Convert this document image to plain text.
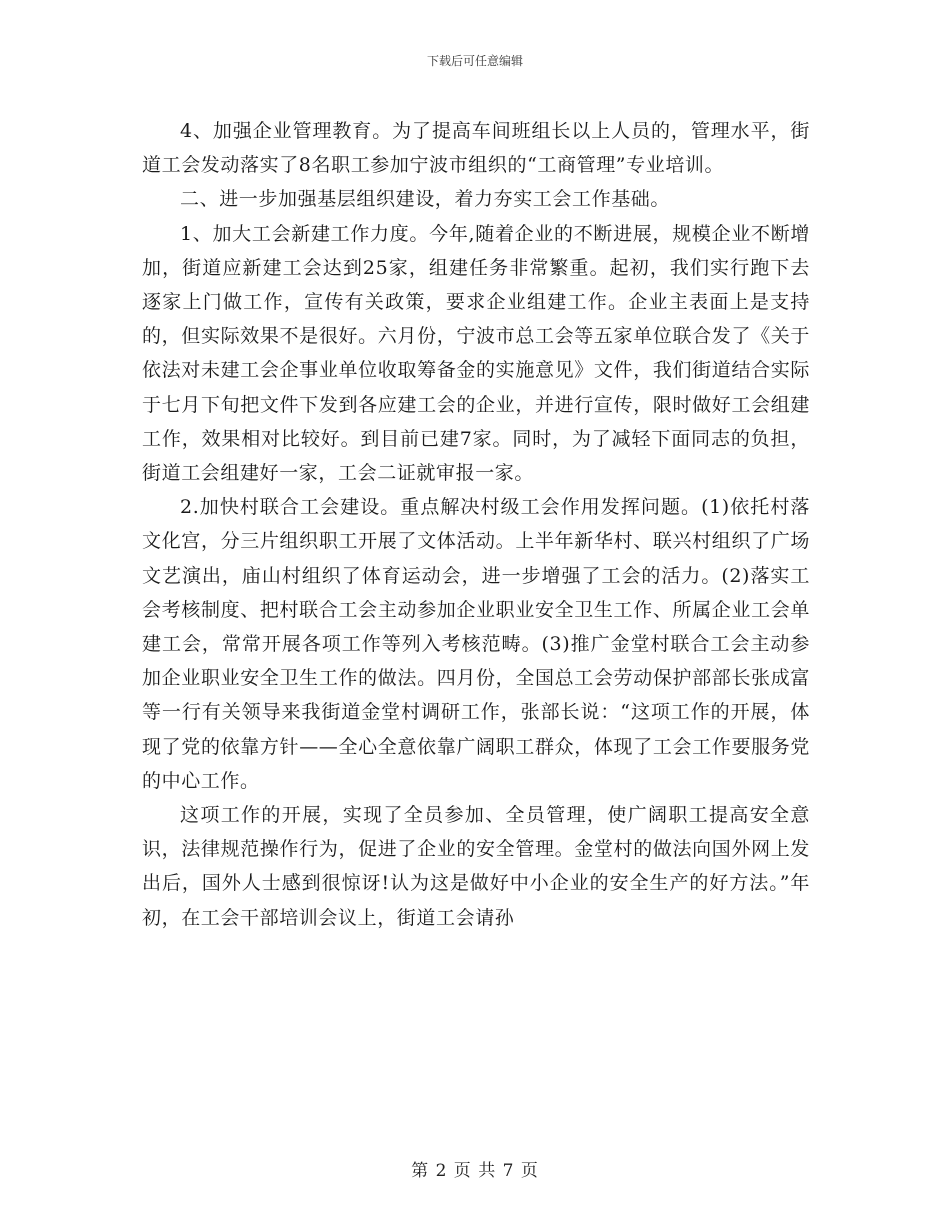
下载后可任意编辑

4、加强企业管理教育。为了提高车间班组长以上人员的，管理水平，街道工会发动落实了8名职工参加宁波市组织的“工商管理”专业培训。

二、进一步加强基层组织建设，着力夯实工会工作基础。

1、加大工会新建工作力度。今年,随着企业的不断进展，规模企业不断增加，街道应新建工会达到25家，组建任务非常繁重。起初，我们实行跑下去逐家上门做工作，宣传有关政策，要求企业组建工作。企业主表面上是支持的，但实际效果不是很好。六月份，宁波市总工会等五家单位联合发了《关于依法对未建工会企事业单位收取筹备金的实施意见》文件，我们街道结合实际于七月下旬把文件下发到各应建工会的企业，并进行宣传，限时做好工会组建工作，效果相对比较好。到目前已建7家。同时，为了减轻下面同志的负担，街道工会组建好一家，工会二证就审报一家。

2.加快村联合工会建设。重点解决村级工会作用发挥问题。(1)依托村落文化宫，分三片组织职工开展了文体活动。上半年新华村、联兴村组织了广场文艺演出，庙山村组织了体育运动会，进一步增强了工会的活力。(2)落实工会考核制度、把村联合工会主动参加企业职业安全卫生工作、所属企业工会单建工会，常常开展各项工作等列入考核范畴。(3)推广金堂村联合工会主动参加企业职业安全卫生工作的做法。四月份，全国总工会劳动保护部部长张成富等一行有关领导来我街道金堂村调研工作，张部长说：“这项工作的开展，体现了党的依靠方针——全心全意依靠广阔职工群众，体现了工会工作要服务党的中心工作。

这项工作的开展，实现了全员参加、全员管理，使广阔职工提高安全意识，法律规范操作行为，促进了企业的安全管理。金堂村的做法向国外网上发出后，国外人士感到很惊讶!认为这是做好中小企业的安全生产的好方法。”年初，在工会干部培训会议上，街道工会请孙

第 2 页 共 7 页
